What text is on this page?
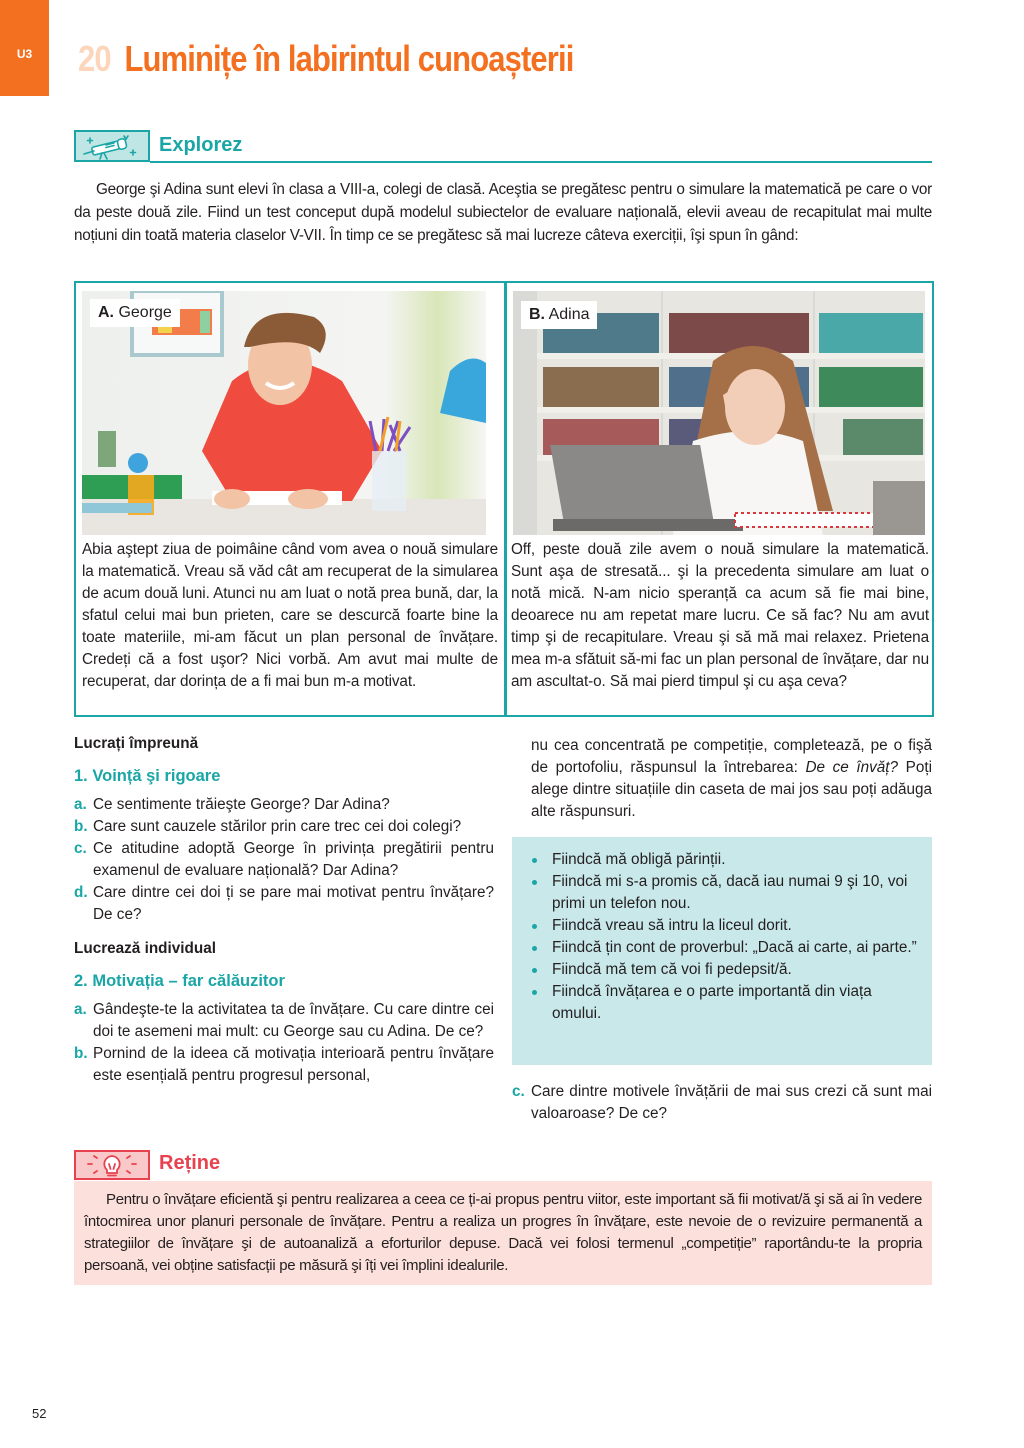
U3	20 Luminițe în labirintul cunoașterii
Explorez

George şi Adina sunt elevi în clasa a VIII-a, colegi de clasă. Aceştia se pregătesc pentru o simulare la matematică pe care o vor da peste două zile. Fiind un test conceput după modelul subiectelor de evaluare națională, elevii aveau de recapitulat mai multe noțiuni din toată materia claselor V-VII. În timp ce se pregătesc să mai lucreze câteva exerciții, îşi spun în gând:

A. George

Abia aştept ziua de poimâine când vom avea o nouă simulare la matematică. Vreau să văd cât am recuperat de la simularea de acum două luni. Atunci nu am luat o notă prea bună, dar, la sfatul celui mai bun prieten, care se descurcă foarte bine la toate materiile, mi-am făcut un plan personal de învățare. Credeți că a fost uşor? Nici vorbă. Am avut mai multe de recuperat, dar dorința de a fi mai bun m-a motivat.

B. Adina

Off, peste două zile avem o nouă simulare la matematică. Sunt aşa de stresată... şi la precedenta simulare am luat o notă mică. N-am nicio speranță ca acum să fie mai bine, deoarece nu am repetat mare lucru. Ce să fac? Nu am avut timp şi de recapitulare. Vreau şi să mă mai relaxez. Prietena mea m-a sfătuit să-mi fac un plan personal de învățare, dar nu am ascultat-o. Să mai pierd timpul şi cu aşa ceva?

Lucrați împreună
1. Voință şi rigoare
a. Ce sentimente trăieşte George? Dar Adina?
b. Care sunt cauzele stărilor prin care trec cei doi colegi?
c. Ce atitudine adoptă George în privința pregătirii pentru examenul de evaluare națională? Dar Adina?
d. Care dintre cei doi ți se pare mai motivat pentru învățare? De ce?
Lucrează individual
2. Motivația – far călăuzitor
a. Gândeşte-te la activitatea ta de învățare. Cu care dintre cei doi te asemeni mai mult: cu George sau cu Adina. De ce?
b. Pornind de la ideea că motivația interioară pentru învățare este esențială pentru progresul personal,

nu cea concentrată pe competiție, completează, pe o fişă de portofoliu, răspunsul la întrebarea: De ce învăț? Poți alege dintre situațiile din caseta de mai jos sau poți adăuga alte răspunsuri.

Fiindcă mă obligă părinții.
Fiindcă mi s-a promis că, dacă iau numai 9 şi 10, voi primi un telefon nou.
Fiindcă vreau să intru la liceul dorit.
Fiindcă țin cont de proverbul: „Dacă ai carte, ai parte.”
Fiindcă mă tem că voi fi pedepsit/ă.
Fiindcă învățarea e o parte importantă din viața omului.
c. Care dintre motivele învățării de mai sus crezi că sunt mai valoaroase? De ce?
Reține

Pentru o învățare eficientă şi pentru realizarea a ceea ce ți-ai propus pentru viitor, este important să fii motivat/ă şi să ai în vedere întocmirea unor planuri personale de învățare. Pentru a realiza un progres în învățare, este nevoie de o revizuire permanentă a strategiilor de învățare şi de autoanaliză a eforturilor depuse. Dacă vei folosi termenul „competiție” raportându-te la propria persoană, vei obține satisfacții pe măsură şi îți vei împlini idealurile.

52
